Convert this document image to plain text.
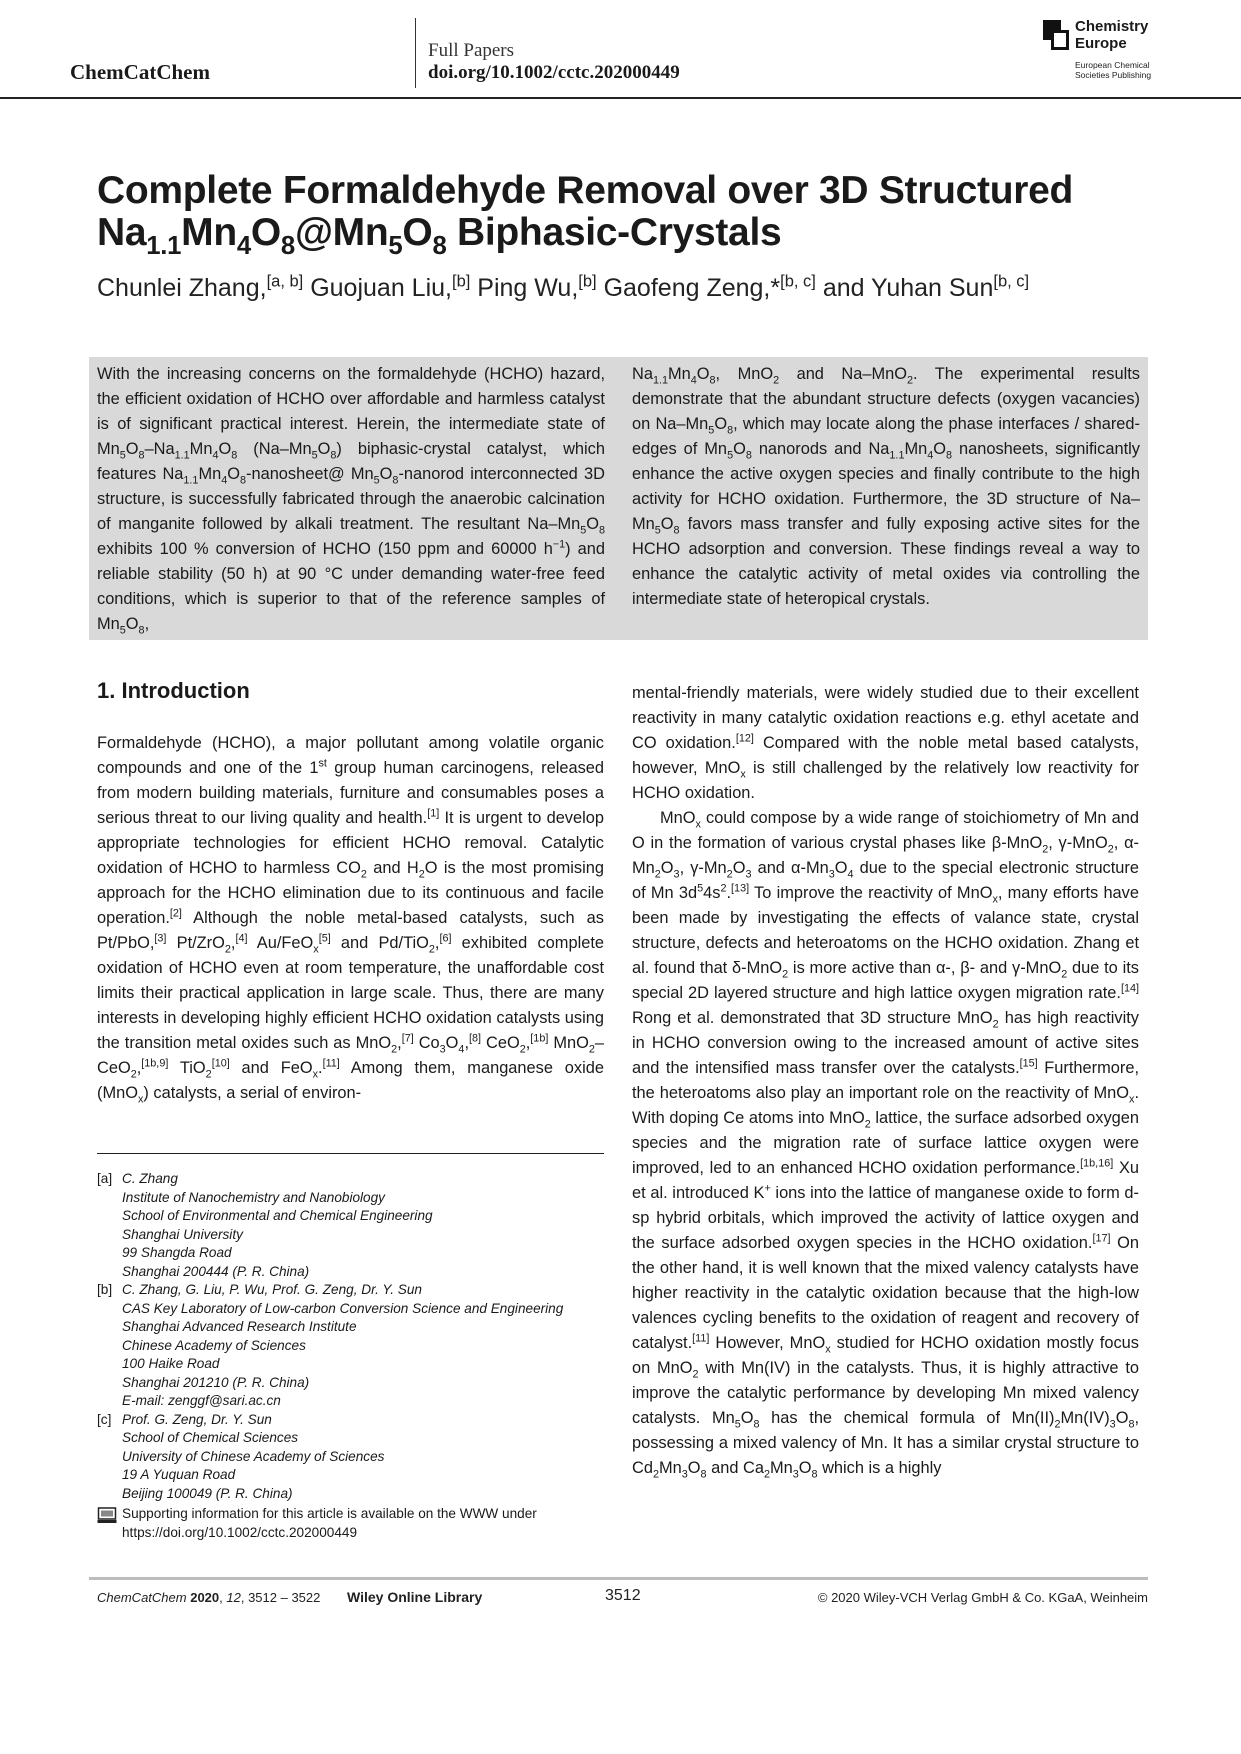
ChemCatChem
Full Papers
doi.org/10.1002/cctc.202000449
Chemistry
Europe
European Chemical
Societies Publishing
Complete Formaldehyde Removal over 3D Structured $Na_{1.1}Mn_4O_8@Mn_5O_8$ Biphasic-Crystals
Chunlei Zhang,[a, b] Guojuan Liu,[b] Ping Wu,[b] Gaofeng Zeng,*[b, c] and Yuhan Sun[b, c]
With the increasing concerns on the formaldehyde (HCHO) hazard, the efficient oxidation of HCHO over affordable and harmless catalyst is of significant practical interest. Herein, the intermediate state of $Mn_5O_8-Na_{1.1}Mn_4O_8$ $(Na-Mn_5O_8)$ biphasic-crystal catalyst, which features $Na_{1.1}Mn_4O_8-nanosheet@$ $Mn_5O_8$-nanorod interconnected 3D structure, is successfully fabricated through the anaerobic calcination of manganite followed by alkali treatment. The resultant $Na-Mn_5O_8$ exhibits 100 % conversion of HCHO (150 ppm and 60000 $h^{-1}$) and reliable stability (50 h) at 90 °C under demanding water-free feed conditions, which is superior to that of the reference samples of $Mn_5O_8$,
$Na_{1.1}Mn_4O_8$, MnO$_2$ and Na–MnO$_2$. The experimental results demonstrate that the abundant structure defects (oxygen vacancies) on $Na-Mn_5O_8$, which may locate along the phase interfaces / shared-edges of $Mn_5O_8$ nanorods and $Na_{1.1}Mn_4O_8$ nanosheets, significantly enhance the active oxygen species and finally contribute to the high activity for HCHO oxidation. Furthermore, the 3D structure of $Na-Mn_5O_8$ favors mass transfer and fully exposing active sites for the HCHO adsorption and conversion. These findings reveal a way to enhance the catalytic activity of metal oxides via controlling the intermediate state of heteropical crystals.
1. Introduction

Formaldehyde (HCHO), a major pollutant among volatile organic compounds and one of the 1st group human carcinogens, released from modern building materials, furniture and consumables poses a serious threat to our living quality and health.[1] It is urgent to develop appropriate technologies for efficient HCHO removal. Catalytic oxidation of HCHO to harmless $CO_2$ and $H_2O$ is the most promising approach for the HCHO elimination due to its continuous and facile operation.[2] Although the noble metal-based catalysts, such as Pt/PbO,[3] Pt/ZrO$_2$,[4] Au/FeO$_x$[5] and Pd/TiO$_2$,[6] exhibited complete oxidation of HCHO even at room temperature, the unaffordable cost limits their practical application in large scale. Thus, there are many interests in developing highly efficient HCHO oxidation catalysts using the transition metal oxides such as MnO$_2$,[7] $Co_3O_4,[8]$ CeO$_2$,[1b] MnO$_2$–CeO$_2$,[1b,9] TiO$_2$[10] and FeO$_x$.[11] Among them, manganese oxide (MnO$_x$) catalysts, a serial of environ-

mental-friendly materials, were widely studied due to their excellent reactivity in many catalytic oxidation reactions e.g. ethyl acetate and CO oxidation.[12] Compared with the noble metal based catalysts, however, MnO$_x$ is still challenged by the relatively low reactivity for HCHO oxidation.

MnO$_x$ could compose by a wide range of stoichiometry of Mn and O in the formation of various crystal phases like β-MnO$_2$, γ-MnO$_2$, $\alpha-Mn_2O_3$, $\gamma-Mn_2O_3$ and $\alpha-Mn_3O_4$ due to the special electronic structure of Mn $3d^54s^2.[13]$ To improve the reactivity of MnO$_x$, many efforts have been made by investigating the effects of valance state, crystal structure, defects and heteroatoms on the HCHO oxidation. Zhang et al. found that δ-MnO$_2$ is more active than α-, β- and γ-MnO$_2$ due to its special 2D layered structure and high lattice oxygen migration rate.[14] Rong et al. demonstrated that 3D structure MnO$_2$ has high reactivity in HCHO conversion owing to the increased amount of active sites and the intensified mass transfer over the catalysts.[15] Furthermore, the heteroatoms also play an important role on the reactivity of MnO$_x$. With doping Ce atoms into MnO$_2$ lattice, the surface adsorbed oxygen species and the migration rate of surface lattice oxygen were improved, led to an enhanced HCHO oxidation performance.[1b,16] Xu et al. introduced K+ ions into the lattice of manganese oxide to form d-sp hybrid orbitals, which improved the activity of lattice oxygen and the surface adsorbed oxygen species in the HCHO oxidation.[17] On the other hand, it is well known that the mixed valency catalysts have higher reactivity in the catalytic oxidation because that the high-low valences cycling benefits to the oxidation of reagent and recovery of catalyst.[11] However, MnO$_x$ studied for HCHO oxidation mostly focus on MnO$_2$ with Mn(IV) in the catalysts. Thus, it is highly attractive to improve the catalytic performance by developing Mn mixed valency catalysts. $Mn_5O_8$ has the chemical formula of $Mn(II)_2Mn(IV)_3O_8$, possessing a mixed valency of Mn. It has a similar crystal structure to $Cd_2Mn_3O_8$ and $Ca_2Mn_3O_8$ which is a highly

[a] C. Zhang
Institute of Nanochemistry and Nanobiology
School of Environmental and Chemical Engineering
Shanghai University
99 Shangda Road
Shanghai 200444 (P. R. China)
[b] C. Zhang, G. Liu, P. Wu, Prof. G. Zeng, Dr. Y. Sun
CAS Key Laboratory of Low-carbon Conversion Science and Engineering
Shanghai Advanced Research Institute
Chinese Academy of Sciences
100 Haike Road
Shanghai 201210 (P. R. China)
E-mail: zenggf@sari.ac.cn
[c] Prof. G. Zeng, Dr. Y. Sun
School of Chemical Sciences
University of Chinese Academy of Sciences
19 A Yuquan Road
Beijing 100049 (P. R. China)
Supporting information for this article is available on the WWW under https://doi.org/10.1002/cctc.202000449
ChemCatChem 2020, 12, 3512 – 3522 Wiley Online Library	3512	© 2020 Wiley-VCH Verlag GmbH & Co. KGaA, Weinheim
